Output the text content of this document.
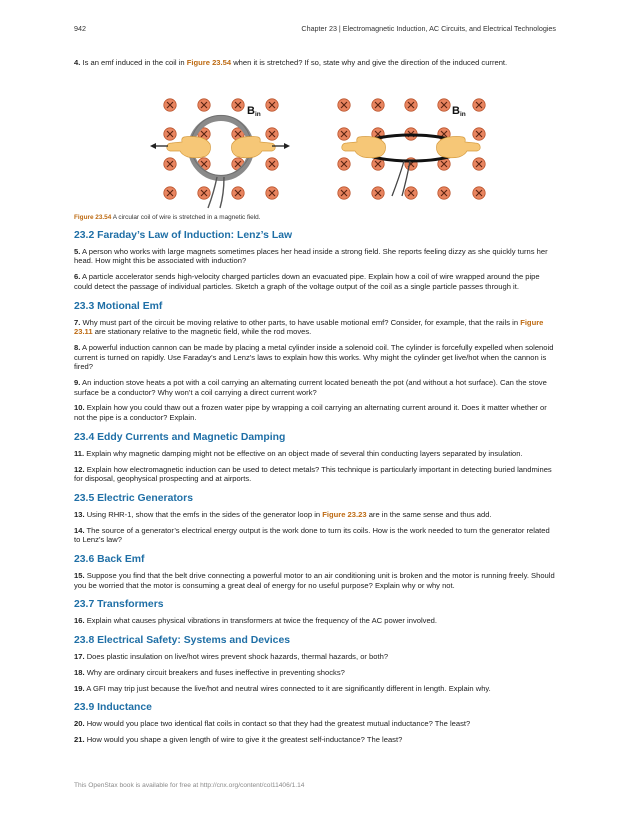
942	Chapter 23 | Electromagnetic Induction, AC Circuits, and Electrical Technologies

4. Is an emf induced in the coil in Figure 23.54 when it is stretched? If so, state why and give the direction of the induced current.

Bin	Bin

Figure 23.54 A circular coil of wire is stretched in a magnetic field.

23.2 Faraday’s Law of Induction: Lenz’s Law

5. A person who works with large magnets sometimes places her head inside a strong field. She reports feeling dizzy as she quickly turns her head. How might this be associated with induction?

6. A particle accelerator sends high-velocity charged particles down an evacuated pipe. Explain how a coil of wire wrapped around the pipe could detect the passage of individual particles. Sketch a graph of the voltage output of the coil as a single particle passes through it.

23.3 Motional Emf

7. Why must part of the circuit be moving relative to other parts, to have usable motional emf? Consider, for example, that the rails in Figure 23.11 are stationary relative to the magnetic field, while the rod moves.

8. A powerful induction cannon can be made by placing a metal cylinder inside a solenoid coil. The cylinder is forcefully expelled when solenoid current is turned on rapidly. Use Faraday’s and Lenz’s laws to explain how this works. Why might the cylinder get live/hot when the cannon is fired?

9. An induction stove heats a pot with a coil carrying an alternating current located beneath the pot (and without a hot surface). Can the stove surface be a conductor? Why won’t a coil carrying a direct current work?

10. Explain how you could thaw out a frozen water pipe by wrapping a coil carrying an alternating current around it. Does it matter whether or not the pipe is a conductor? Explain.

23.4 Eddy Currents and Magnetic Damping

11. Explain why magnetic damping might not be effective on an object made of several thin conducting layers separated by insulation.

12. Explain how electromagnetic induction can be used to detect metals? This technique is particularly important in detecting buried landmines for disposal, geophysical prospecting and at airports.

23.5 Electric Generators

13. Using RHR-1, show that the emfs in the sides of the generator loop in Figure 23.23 are in the same sense and thus add.

14. The source of a generator’s electrical energy output is the work done to turn its coils. How is the work needed to turn the generator related to Lenz’s law?

23.6 Back Emf

15. Suppose you find that the belt drive connecting a powerful motor to an air conditioning unit is broken and the motor is running freely. Should you be worried that the motor is consuming a great deal of energy for no useful purpose? Explain why or why not.

23.7 Transformers

16. Explain what causes physical vibrations in transformers at twice the frequency of the AC power involved.

23.8 Electrical Safety: Systems and Devices

17. Does plastic insulation on live/hot wires prevent shock hazards, thermal hazards, or both?

18. Why are ordinary circuit breakers and fuses ineffective in preventing shocks?

19. A GFI may trip just because the live/hot and neutral wires connected to it are significantly different in length. Explain why.

23.9 Inductance

20. How would you place two identical flat coils in contact so that they had the greatest mutual inductance? The least?

21. How would you shape a given length of wire to give it the greatest self-inductance? The least?

This OpenStax book is available for free at http://cnx.org/content/col11406/1.14
